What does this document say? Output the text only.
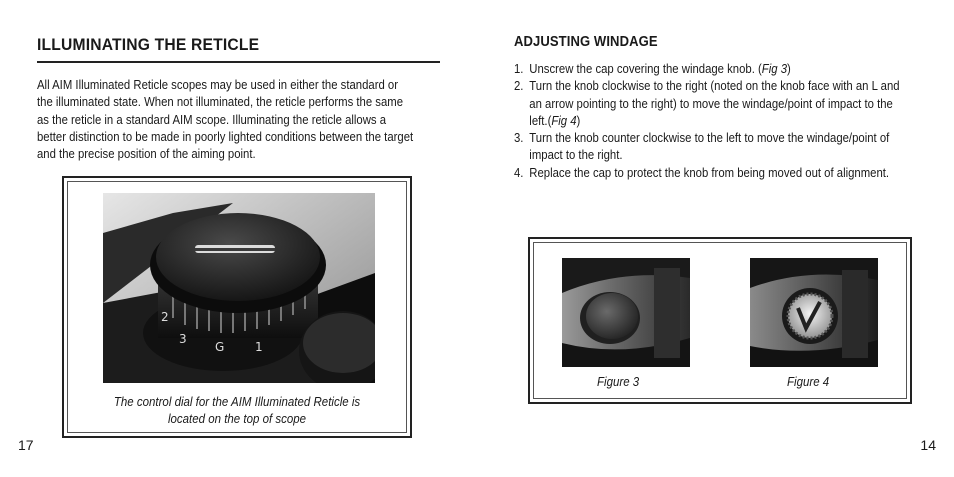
ILLUMINATING THE RETICLE

All AIM Illuminated Reticle scopes may be used in either the standard or
the illuminated state. When not illuminated, the reticle performs the same
as the reticle in a standard AIM scope. Illuminating the reticle allows a
better distinction to be made in poorly lighted conditions between the target
and the precise position of the aiming point.

2
3
G	1

The control dial for the AIM Illuminated Reticle is
located on the top of scope

17
ADJUSTING WINDAGE
1. Unscrew the cap covering the windage knob. (Fig 3)
2. Turn the knob clockwise to the right (noted on the knob face with an L and an arrow pointing to the right) to move the windage/point of impact to the left.(Fig 4)
3. Turn the knob counter clockwise to the left to move the windage/point of impact to the right.
4. Replace the cap to protect the knob from being moved out of alignment.

Figure 3	Figure 4

14
